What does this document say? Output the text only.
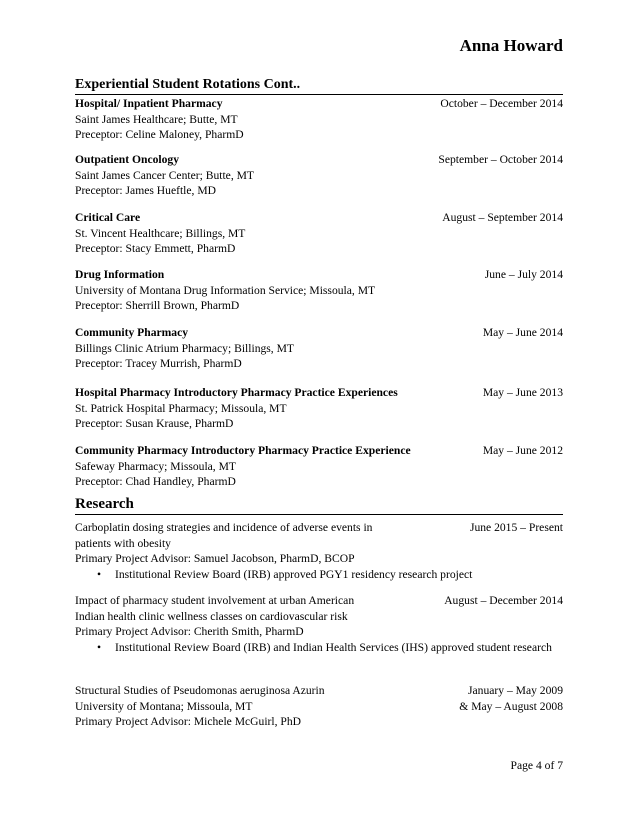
Anna Howard
Experiential Student Rotations Cont..
Hospital/ Inpatient Pharmacy	October – December 2014
Saint James Healthcare; Butte, MT
Preceptor: Celine Maloney, PharmD
Outpatient Oncology	September – October 2014
Saint James Cancer Center; Butte, MT
Preceptor: James Hueftle, MD
Critical Care	August – September 2014
St. Vincent Healthcare; Billings, MT
Preceptor: Stacy Emmett, PharmD
Drug Information	June – July 2014
University of Montana Drug Information Service; Missoula, MT
Preceptor: Sherrill Brown, PharmD
Community Pharmacy	May – June 2014
Billings Clinic Atrium Pharmacy; Billings, MT
Preceptor: Tracey Murrish, PharmD
Hospital Pharmacy Introductory Pharmacy Practice Experiences	May – June 2013
St. Patrick Hospital Pharmacy; Missoula, MT
Preceptor: Susan Krause, PharmD
Community Pharmacy Introductory Pharmacy Practice Experience	May – June 2012
Safeway Pharmacy; Missoula, MT
Preceptor: Chad Handley, PharmD
Research
Carboplatin dosing strategies and incidence of adverse events in	June 2015 – Present
patients with obesity
Primary Project Advisor: Samuel Jacobson, PharmD, BCOP
• Institutional Review Board (IRB) approved PGY1 residency research project
Impact of pharmacy student involvement at urban American	August – December 2014
Indian health clinic wellness classes on cardiovascular risk
Primary Project Advisor: Cherith Smith, PharmD
• Institutional Review Board (IRB) and Indian Health Services (IHS) approved student research
Structural Studies of Pseudomonas aeruginosa Azurin	January – May 2009
University of Montana; Missoula, MT	& May – August 2008
Primary Project Advisor: Michele McGuirl, PhD
Page 4 of 7
